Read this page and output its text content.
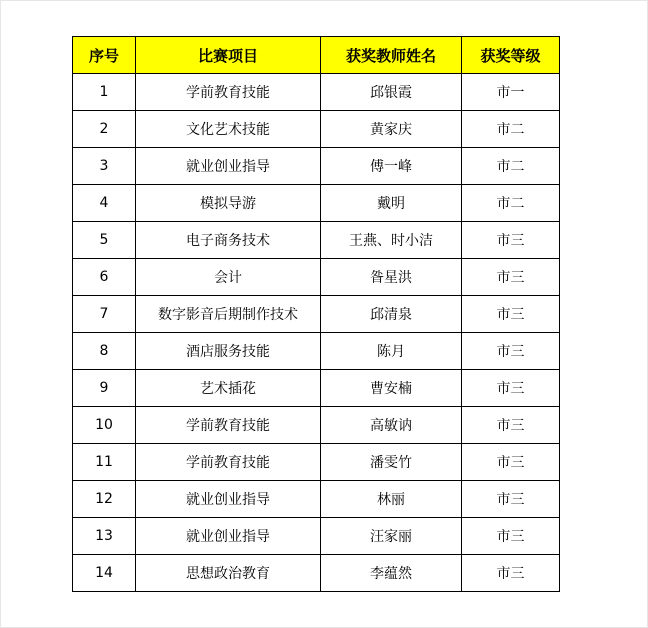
序号	比赛项目	获奖教师姓名	获奖等级
1	学前教育技能	邱银霞	市一
2	文化艺术技能	黄家庆	市二
3	就业创业指导	傅一峰	市二
4	模拟导游	戴明	市二
5	电子商务技术	王燕、时小洁	市三
6	会计	昝星洪	市三
7	数字影音后期制作技术	邱清泉	市三
8	酒店服务技能	陈月	市三
9	艺术插花	曹安楠	市三
10	学前教育技能	高敏讷	市三
11	学前教育技能	潘雯竹	市三
12	就业创业指导	林丽	市三
13	就业创业指导	汪家丽	市三
14	思想政治教育	李蕴然	市三
